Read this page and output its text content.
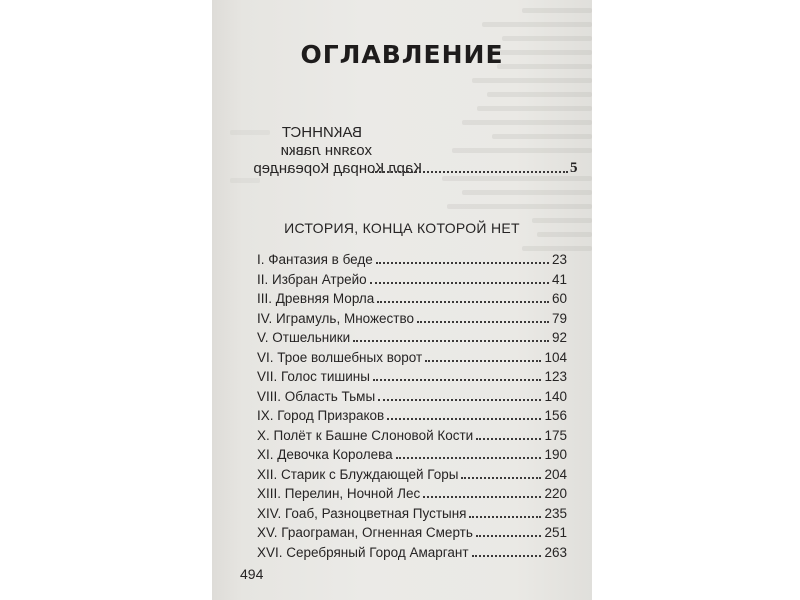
ОГЛАВЛЕНИЕ
ВАКИННСТ
хозяин лавки
Карл Конрад Кореандер	5
ИСТОРИЯ, КОНЦА КОТОРОЙ НЕТ
I. Фантазия в беде	23
II. Избран Атрейо	41
III. Древняя Морла	60
IV. Играмуль, Множество	79
V. Отшельники	92
VI. Трое волшебных ворот	104
VII. Голос тишины	123
VIII. Область Тьмы	140
IX. Город Призраков	156
X. Полёт к Башне Слоновой Кости	175
XI. Девочка Королева	190
XII. Старик с Блуждающей Горы	204
XIII. Перелин, Ночной Лес	220
XIV. Гоаб, Разноцветная Пустыня	235
XV. Граограман, Огненная Смерть	251
XVI. Серебряный Город Амаргант	263
494
